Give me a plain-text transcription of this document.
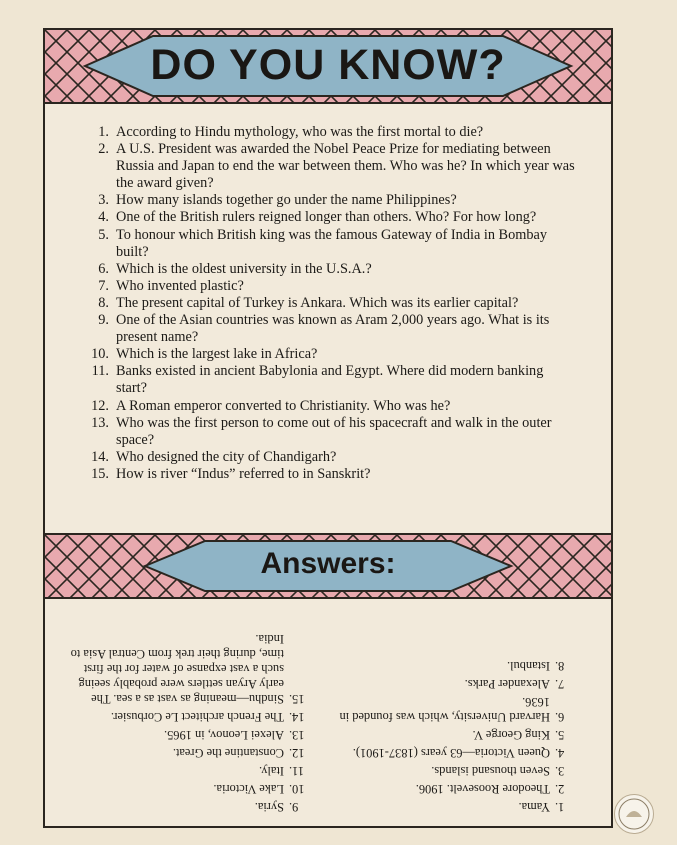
DO YOU KNOW?
1. According to Hindu mythology, who was the first mortal to die?
2. A U.S. President was awarded the Nobel Peace Prize for mediating between Russia and Japan to end the war between them. Who was he? In which year was the award given?
3. How many islands together go under the name Philippines?
4. One of the British rulers reigned longer than others. Who? For how long?
5. To honour which British king was the famous Gateway of India in Bombay built?
6. Which is the oldest university in the U.S.A.?
7. Who invented plastic?
8. The present capital of Turkey is Ankara. Which was its earlier capital?
9. One of the Asian countries was known as Aram 2,000 years ago. What is its present name?
10. Which is the largest lake in Africa?
11. Banks existed in ancient Babylonia and Egypt. Where did modern banking start?
12. A Roman emperor converted to Christianity. Who was he?
13. Who was the first person to come out of his spacecraft and walk in the outer space?
14. Who designed the city of Chandigarh?
15. How is river “Indus” referred to in Sanskrit?
Answers:
1.
Yama.
2.
Theodore Roosevelt. 1906.
3.
Seven thousand islands.
4.
Queen Victoria—63 years (1837-1901).
5.
King George V.
6.
Harvard University, which was founded in 1636.
7.
Alexander Parks.
8.
Istanbul.
9.
Syria.
10.
Lake Victoria.
11.
Italy.
12.
Constantine the Great.
13.
Alexei Leonov, in 1965.
14.
The French architect Le Corbusier.
15.
Sindhu—meaning as vast as a sea. The early Aryan settlers were probably seeing such a vast expanse of water for the first time, during their trek from Central Asia to India.
